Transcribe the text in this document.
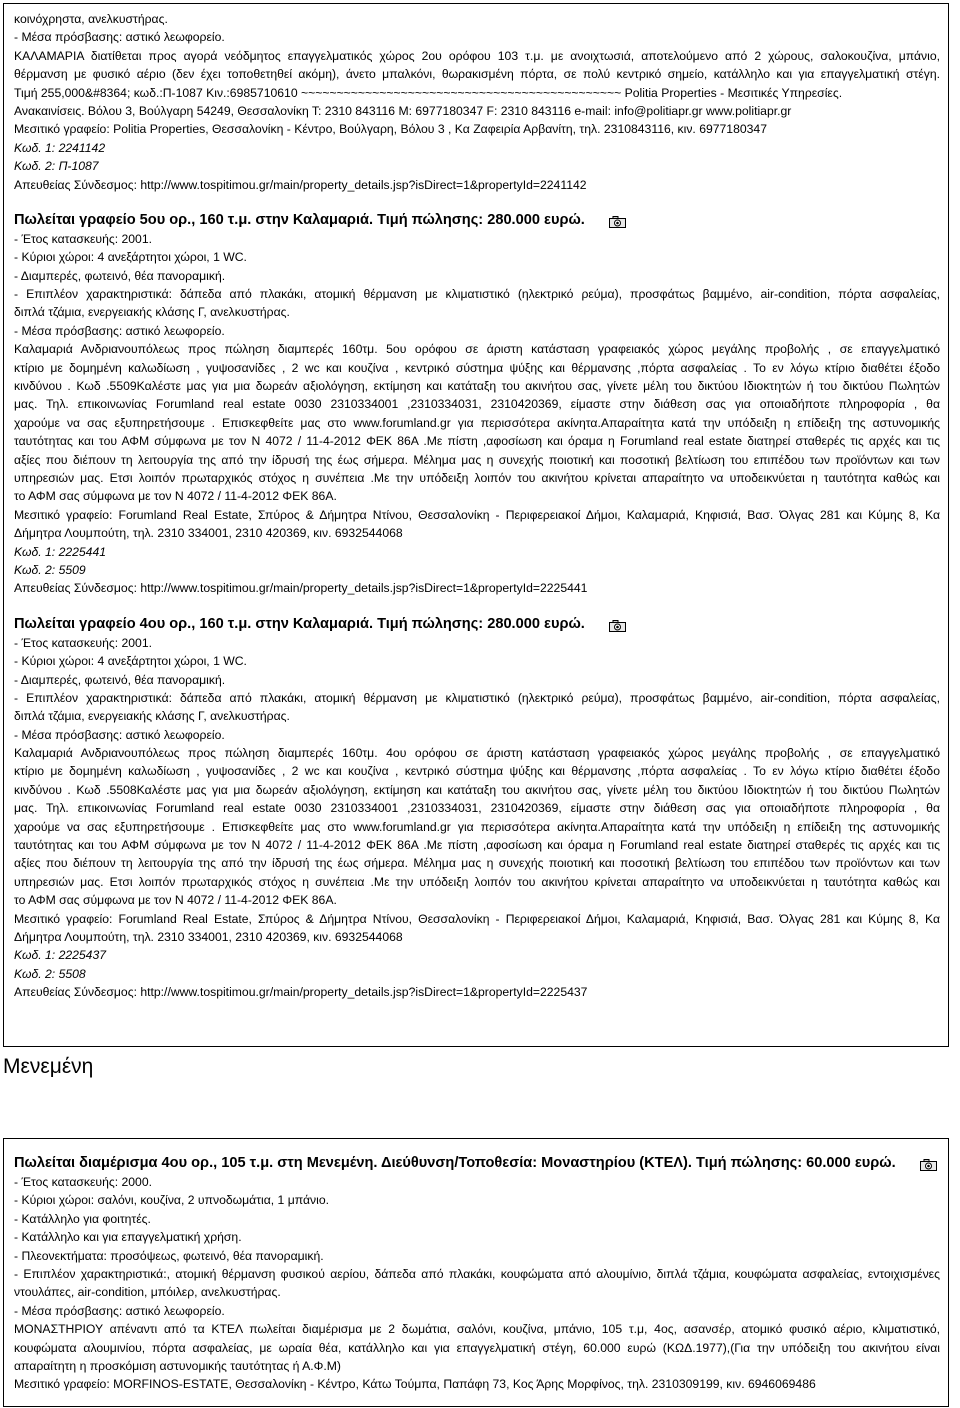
κοινόχρηστα, ανελκυστήρας.
- Μέσα πρόσβασης: αστικό λεωφορείο.
ΚΑΛΑΜΑΡΙΑ διατίθεται προς αγορά νεόδμητος επαγγελματικός χώρος 2ου ορόφου 103 τ.μ. με ανοιχτωσιά, αποτελούμενο από 2 χώρους, σαλοκουζίνα, μπάνιο,
θέρμανση με φυσικό αέριο (δεν έχει τοποθετηθεί ακόμη), άνετο μπαλκόνι, θωρακισμένη πόρτα, σε πολύ κεντρικό σημείο, κατάλληλο και για επαγγελματική στέγη.
Τιμή 255,000&#8364; κωδ.:Π-1087 Κιν.:6985710610 ~~~~~~~~~~~~~~~~~~~~~~~~~~~~~~~~~~~~~~~~~~~~~ Politia Properties - Μεσιτικές Υπηρεσίες.
Ανακαινίσεις. Βόλου 3, Βούλγαρη 54249, Θεσσαλονίκη Τ: 2310 843116 Μ: 6977180347 F: 2310 843116 e-mail: info@politiapr.gr www.politiapr.gr
Μεσιτικό γραφείο: Politia Properties, Θεσσαλονίκη - Κέντρο, Βούλγαρη, Βόλου 3 , Κα Ζαφειρία Αρβανίτη, τηλ. 2310843116, κιν. 6977180347
Κωδ. 1: 2241142
Κωδ. 2: Π-1087
Απευθείας Σύνδεσμος: http://www.tospitimou.gr/main/property_details.jsp?isDirect=1&propertyId=2241142
Πωλείται γραφείο 5ου ορ., 160 τ.μ. στην Καλαμαριά. Τιμή πώλησης: 280.000 ευρώ.
- Έτος κατασκευής: 2001.
- Κύριοι χώροι: 4 ανεξάρτητοι χώροι, 1 WC.
- Διαμπερές, φωτεινό, θέα πανοραμική.
- Επιπλέον χαρακτηριστικά: δάπεδα από πλακάκι, ατομική θέρμανση με κλιματιστικό (ηλεκτρικό ρεύμα), προσφάτως βαμμένο, air-condition, πόρτα ασφαλείας,
διπλά τζάμια, ενεργειακής κλάσης Γ, ανελκυστήρας.
- Μέσα πρόσβασης: αστικό λεωφορείο.
Καλαμαριά Ανδριανουπόλεως προς πώληση διαμπερές 160τμ. 5ου ορόφου σε άριστη κατάσταση γραφειακός χώρος μεγάλης προβολής , σε επαγγελματικό
κτίριο με δομημένη καλωδίωση , γυψοσανίδες , 2 wc και κουζίνα , κεντρικό σύστημα ψύξης και θέρμανσης ,πόρτα ασφαλείας . Το εν λόγω κτίριο διαθέτει έξοδο
κινδύνου . Κωδ .5509Καλέστε μας για μια δωρεάν αξιολόγηση, εκτίμηση και κατάταξη του ακινήτου σας, γίνετε μέλη του δικτύου Ιδιοκτητών ή του δικτύου Πωλητών
μας. Τηλ. επικοινωνίας Forumland real estate 0030 2310334001 ,2310334031, 2310420369, είμαστε στην διάθεση σας για οποιαδήποτε πληροφορία , θα
χαρούμε να σας εξυπηρετήσουμε . Επισκεφθείτε μας στο www.forumland.gr για περισσότερα ακίνητα.Απαραίτητα κατά την υπόδειξη η επίδειξη της αστυνομικής
ταυτότητας και του ΑΦΜ σύμφωνα με τον Ν 4072 / 11-4-2012 ΦΕΚ 86Α .Με πίστη ,αφοσίωση και όραμα η Forumland real estate διατηρεί σταθερές τις αρχές και τις
αξίες που διέπουν τη λειτουργία της από την ίδρυσή της έως σήμερα. Μέλημα μας η συνεχής ποιοτική και ποσοτική βελτίωση του επιπέδου των προϊόντων και των
υπηρεσιών μας. Ετσι λοιπόν πρωταρχικός στόχος η συνέπεια .Με την υπόδειξη λοιπόν του ακινήτου κρίνεται απαραίτητο να υποδεικνύεται η ταυτότητα καθώς και
το ΑΦΜ σας σύμφωνα με τον Ν 4072 / 11-4-2012 ΦΕΚ 86Α.
Μεσιτικό γραφείο: Forumland Real Estate, Σπύρος & Δήμητρα Ντίνου, Θεσσαλονίκη - Περιφερειακοί Δήμοι, Καλαμαριά, Κηφισιά, Βασ. Όλγας 281 και Κύμης 8, Κα
Δήμητρα Λουμπούτη, τηλ. 2310 334001, 2310 420369, κιν. 6932544068
Κωδ. 1: 2225441
Κωδ. 2: 5509
Απευθείας Σύνδεσμος: http://www.tospitimou.gr/main/property_details.jsp?isDirect=1&propertyId=2225441
Πωλείται γραφείο 4ου ορ., 160 τ.μ. στην Καλαμαριά. Τιμή πώλησης: 280.000 ευρώ.
- Έτος κατασκευής: 2001.
- Κύριοι χώροι: 4 ανεξάρτητοι χώροι, 1 WC.
- Διαμπερές, φωτεινό, θέα πανοραμική.
- Επιπλέον χαρακτηριστικά: δάπεδα από πλακάκι, ατομική θέρμανση με κλιματιστικό (ηλεκτρικό ρεύμα), προσφάτως βαμμένο, air-condition, πόρτα ασφαλείας,
διπλά τζάμια, ενεργειακής κλάσης Γ, ανελκυστήρας.
- Μέσα πρόσβασης: αστικό λεωφορείο.
Καλαμαριά Ανδριανουπόλεως προς πώληση διαμπερές 160τμ. 4ου ορόφου σε άριστη κατάσταση γραφειακός χώρος μεγάλης προβολής , σε επαγγελματικό
κτίριο με δομημένη καλωδίωση , γυψοσανίδες , 2 wc και κουζίνα , κεντρικό σύστημα ψύξης και θέρμανσης ,πόρτα ασφαλείας . Το εν λόγω κτίριο διαθέτει έξοδο
κινδύνου . Κωδ .5508Καλέστε μας για μια δωρεάν αξιολόγηση, εκτίμηση και κατάταξη του ακινήτου σας, γίνετε μέλη του δικτύου Ιδιοκτητών ή του δικτύου Πωλητών
μας. Τηλ. επικοινωνίας Forumland real estate 0030 2310334001 ,2310334031, 2310420369, είμαστε στην διάθεση σας για οποιαδήποτε πληροφορία , θα
χαρούμε να σας εξυπηρετήσουμε . Επισκεφθείτε μας στο www.forumland.gr για περισσότερα ακίνητα.Απαραίτητα κατά την υπόδειξη η επίδειξη της αστυνομικής
ταυτότητας και του ΑΦΜ σύμφωνα με τον Ν 4072 / 11-4-2012 ΦΕΚ 86Α .Με πίστη ,αφοσίωση και όραμα η Forumland real estate διατηρεί σταθερές τις αρχές και τις
αξίες που διέπουν τη λειτουργία της από την ίδρυσή της έως σήμερα. Μέλημα μας η συνεχής ποιοτική και ποσοτική βελτίωση του επιπέδου των προϊόντων και των
υπηρεσιών μας. Ετσι λοιπόν πρωταρχικός στόχος η συνέπεια .Με την υπόδειξη λοιπόν του ακινήτου κρίνεται απαραίτητο να υποδεικνύεται η ταυτότητα καθώς και
το ΑΦΜ σας σύμφωνα με τον Ν 4072 / 11-4-2012 ΦΕΚ 86Α.
Μεσιτικό γραφείο: Forumland Real Estate, Σπύρος & Δήμητρα Ντίνου, Θεσσαλονίκη - Περιφερειακοί Δήμοι, Καλαμαριά, Κηφισιά, Βασ. Όλγας 281 και Κύμης 8, Κα
Δήμητρα Λουμπούτη, τηλ. 2310 334001, 2310 420369, κιν. 6932544068
Κωδ. 1: 2225437
Κωδ. 2: 5508
Απευθείας Σύνδεσμος: http://www.tospitimou.gr/main/property_details.jsp?isDirect=1&propertyId=2225437
Μενεμένη
Πωλείται διαμέρισμα 4ου ορ., 105 τ.μ. στη Μενεμένη. Διεύθυνση/Τοποθεσία: Μοναστηρίου (ΚΤΕΛ). Τιμή πώλησης: 60.000 ευρώ.
- Έτος κατασκευής: 2000.
- Κύριοι χώροι: σαλόνι, κουζίνα, 2 υπνοδωμάτια, 1 μπάνιο.
- Κατάλληλο για φοιτητές.
- Κατάλληλο και για επαγγελματική χρήση.
- Πλεονεκτήματα: προσόψεως, φωτεινό, θέα πανοραμική.
- Επιπλέον χαρακτηριστικά:, ατομική θέρμανση φυσικού αερίου, δάπεδα από πλακάκι, κουφώματα από αλουμίνιο, διπλά τζάμια, κουφώματα ασφαλείας, εντοιχισμένες
ντουλάπες, air-condition, μπόιλερ, ανελκυστήρας.
- Μέσα πρόσβασης: αστικό λεωφορείο.
ΜΟΝΑΣΤΗΡΙΟΥ απέναντι από τα ΚΤΕΛ πωλείται διαμέρισμα με 2 δωμάτια, σαλόνι, κουζίνα, μπάνιο, 105 τ.μ, 4ος, ασανσέρ, ατομικό φυσικό αέριο, κλιματιστικό,
κουφώματα αλουμινίου, πόρτα ασφαλείας, με ωραία θέα, κατάλληλο και για επαγγελματική στέγη, 60.000 ευρώ (ΚΩΔ.1977),(Για την υπόδειξη του ακινήτου είναι
απαραίτητη η προσκόμιση αστυνομικής ταυτότητας ή Α.Φ.Μ)
Μεσιτικό γραφείο: MORFINOS-ESTATE, Θεσσαλονίκη - Κέντρο, Κάτω Τούμπα, Παπάφη 73, Κος Άρης Μορφίνος, τηλ. 2310309199, κιν. 6946069486
